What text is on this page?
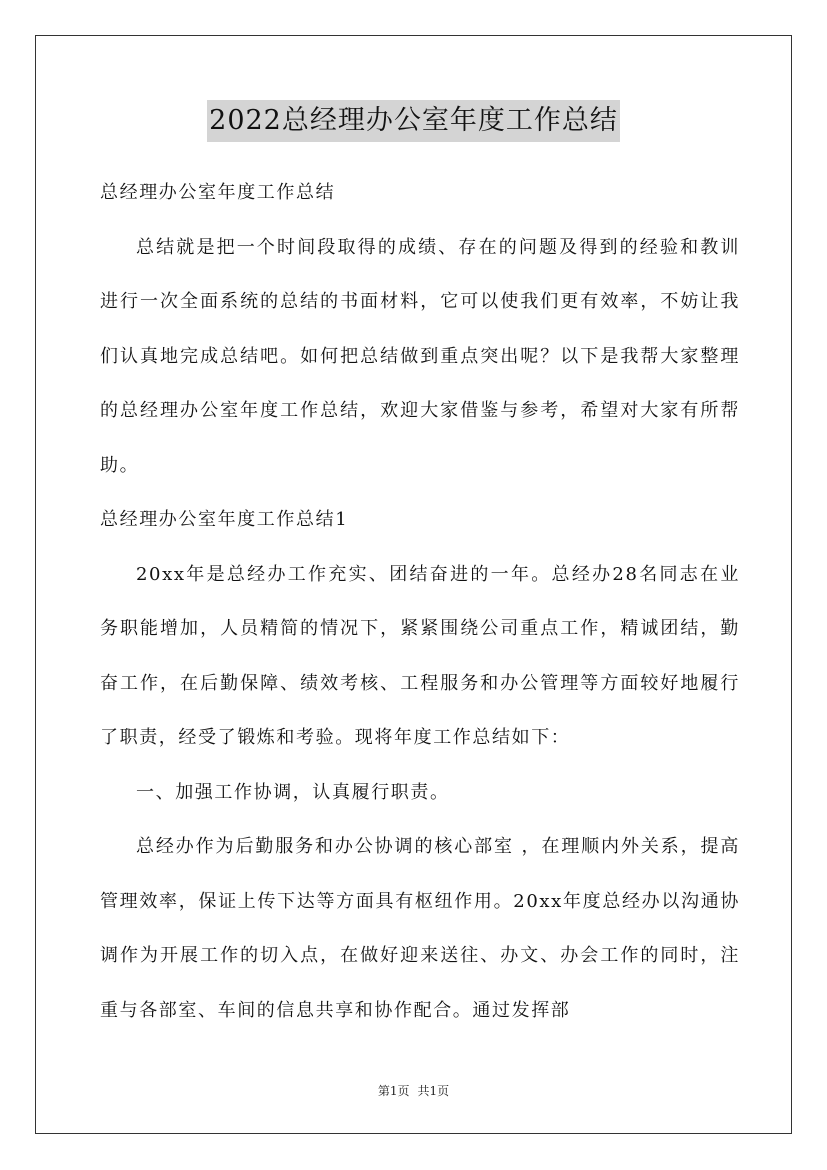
2022总经理办公室年度工作总结

总经理办公室年度工作总结

总结就是把一个时间段取得的成绩、存在的问题及得到的经验和教训进行一次全面系统的总结的书面材料，它可以使我们更有效率，不妨让我们认真地完成总结吧。如何把总结做到重点突出呢？以下是我帮大家整理的总经理办公室年度工作总结，欢迎大家借鉴与参考，希望对大家有所帮助。

总经理办公室年度工作总结1

20xx年是总经办工作充实、团结奋进的一年。总经办28名同志在业务职能增加，人员精简的情况下，紧紧围绕公司重点工作，精诚团结，勤奋工作，在后勤保障、绩效考核、工程服务和办公管理等方面较好地履行了职责，经受了锻炼和考验。现将年度工作总结如下：

一、加强工作协调，认真履行职责。

总经办作为后勤服务和办公协调的核心部室 ，在理顺内外关系，提高管理效率，保证上传下达等方面具有枢纽作用。20xx年度总经办以沟通协调作为开展工作的切入点，在做好迎来送往、办文、办会工作的同时，注重与各部室、车间的信息共享和协作配合。通过发挥部

第1页 共1页
